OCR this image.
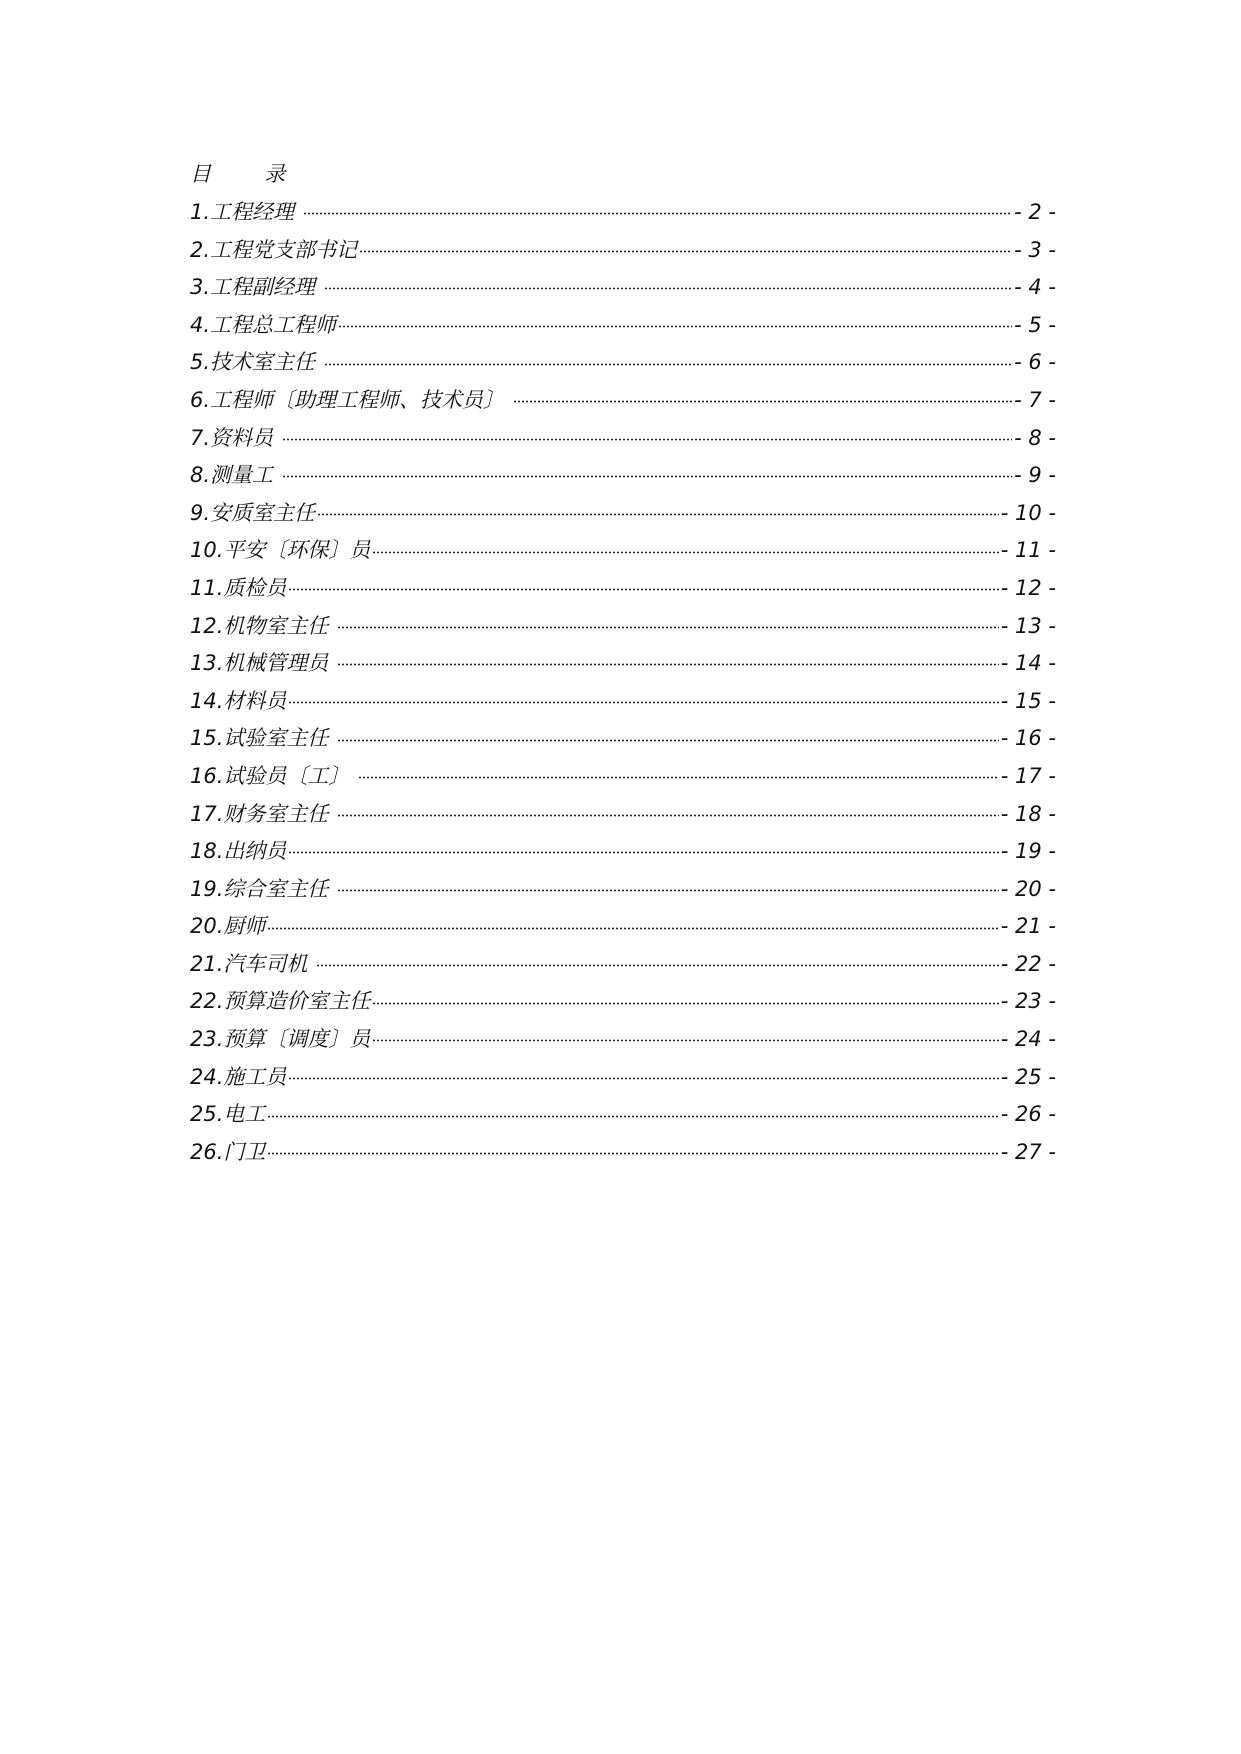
目        录
1.工程经理	- 2 -
2.工程党支部书记	- 3 -
3.工程副经理	- 4 -
4.工程总工程师	- 5 -
5.技术室主任	- 6 -
6.工程师〔助理工程师、技术员〕	- 7 -
7.资料员	- 8 -
8.测量工	- 9 -
9.安质室主任	- 10 -
10.平安〔环保〕员	- 11 -
11.质检员	- 12 -
12.机物室主任	- 13 -
13.机械管理员	- 14 -
14.材料员	- 15 -
15.试验室主任	- 16 -
16.试验员〔工〕	- 17 -
17.财务室主任	- 18 -
18.出纳员	- 19 -
19.综合室主任	- 20 -
20.厨师	- 21 -
21.汽车司机	- 22 -
22.预算造价室主任	- 23 -
23.预算〔调度〕员	- 24 -
24.施工员	- 25 -
25.电工	- 26 -
26.门卫	- 27 -
